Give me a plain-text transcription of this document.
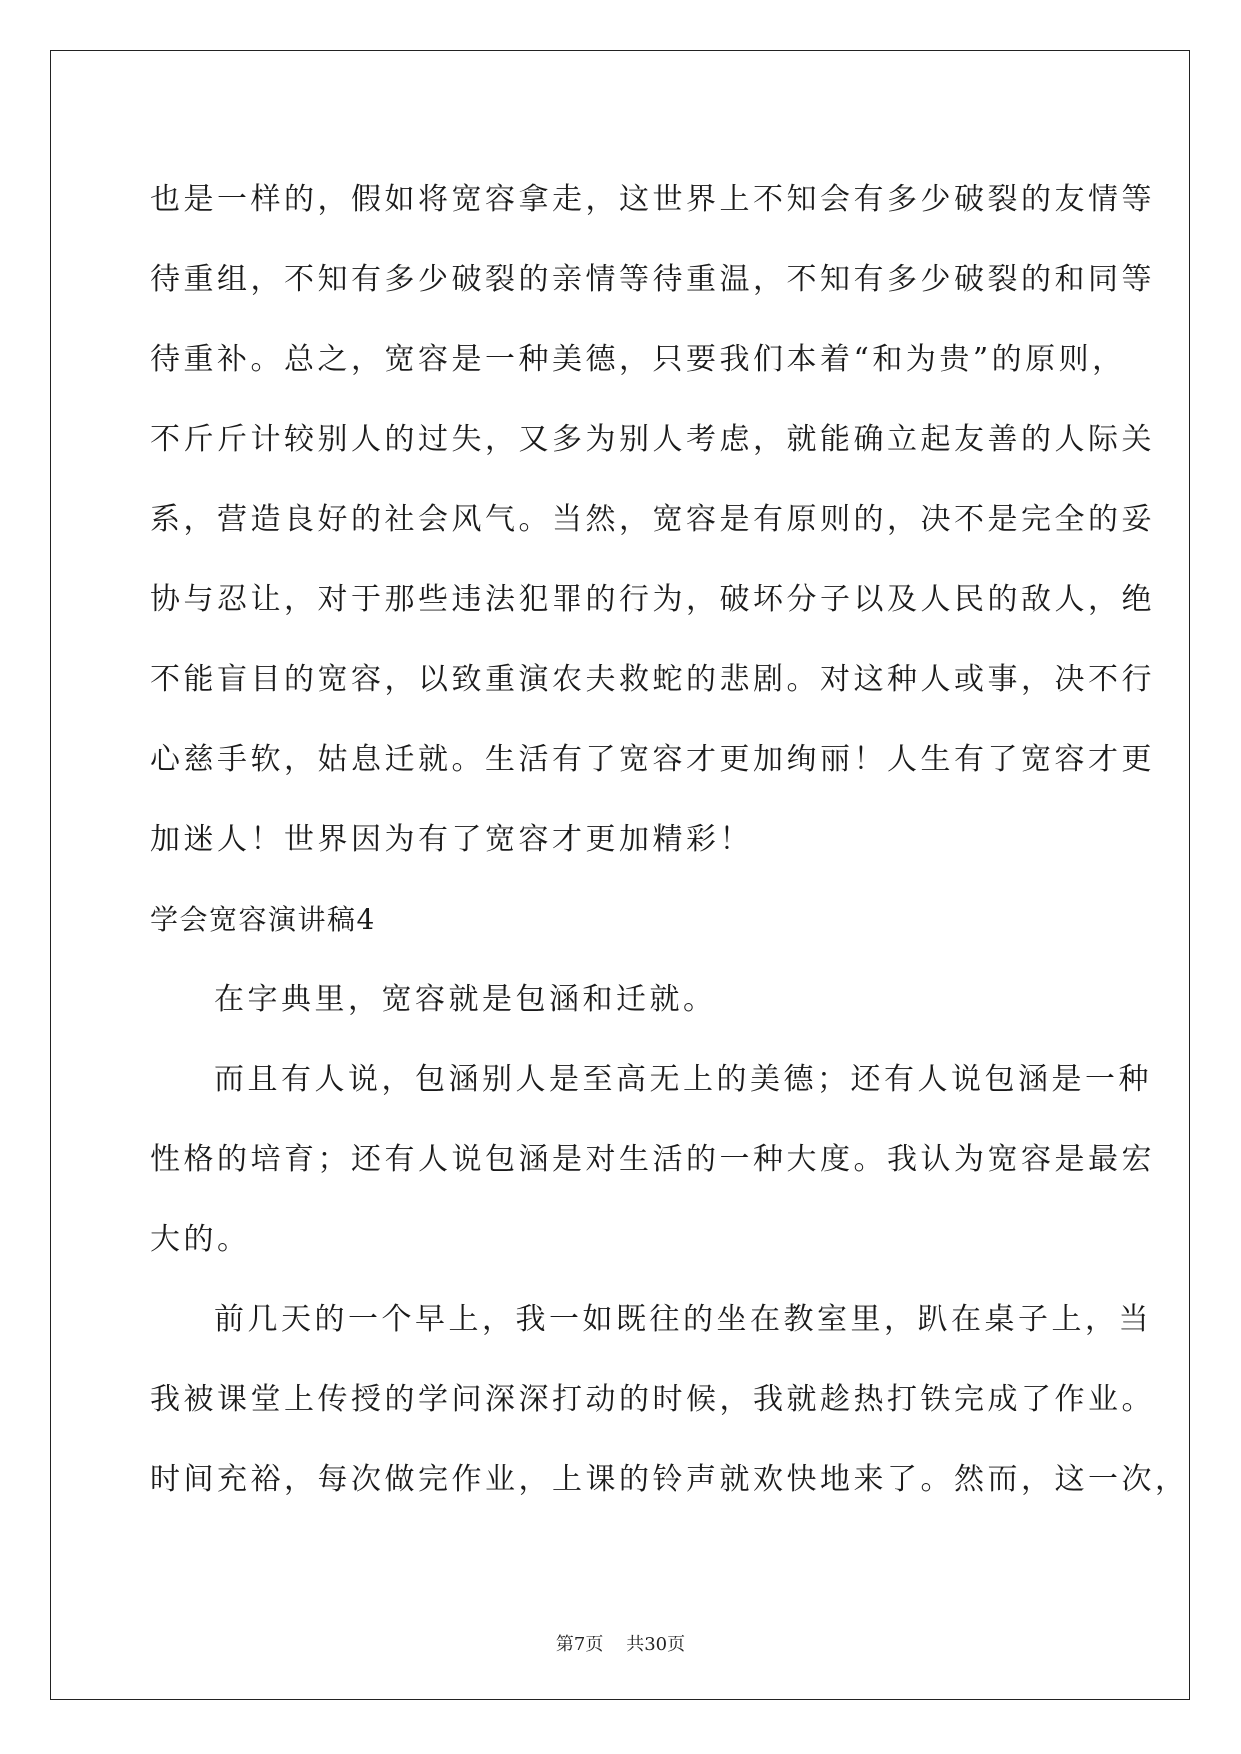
也是一样的，假如将宽容拿走，这世界上不知会有多少破裂的友情等
待重组，不知有多少破裂的亲情等待重温，不知有多少破裂的和同等
待重补。总之，宽容是一种美德，只要我们本着“和为贵”的原则，
不斤斤计较别人的过失，又多为别人考虑，就能确立起友善的人际关
系，营造良好的社会风气。当然，宽容是有原则的，决不是完全的妥
协与忍让，对于那些违法犯罪的行为，破坏分子以及人民的敌人，绝
不能盲目的宽容，以致重演农夫救蛇的悲剧。对这种人或事，决不行
心慈手软，姑息迁就。生活有了宽容才更加绚丽！人生有了宽容才更
加迷人！世界因为有了宽容才更加精彩！
学会宽容演讲稿4
在字典里，宽容就是包涵和迁就。
而且有人说，包涵别人是至高无上的美德；还有人说包涵是一种
性格的培育；还有人说包涵是对生活的一种大度。我认为宽容是最宏
大的。
前几天的一个早上，我一如既往的坐在教室里，趴在桌子上，当
我被课堂上传授的学问深深打动的时候，我就趁热打铁完成了作业。
时间充裕，每次做完作业，上课的铃声就欢快地来了。然而，这一次，
第7页 共30页
